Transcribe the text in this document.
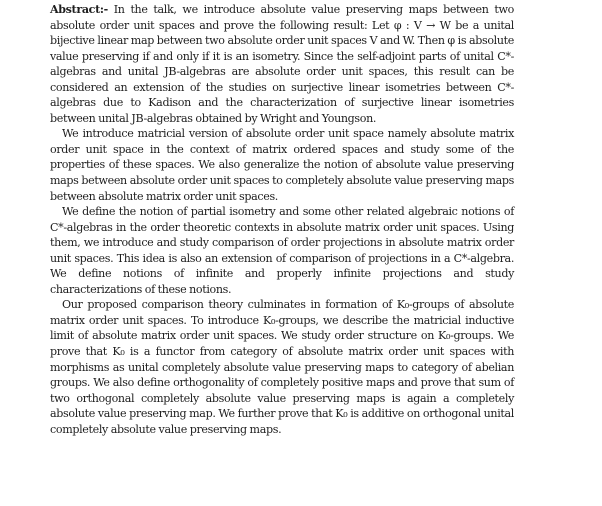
Abstract:- In the talk, we introduce absolute value preserving maps between two absolute order unit spaces and prove the following result: Let φ : V → W be a unital bijective linear map between two absolute order unit spaces V and W. Then φ is absolute value preserving if and only if it is an isometry. Since the self-adjoint parts of unital C*-algebras and unital JB-algebras are absolute order unit spaces, this result can be considered an extension of the studies on surjective linear isometries between C*-algebras due to Kadison and the characterization of surjective linear isometries between unital JB-algebras obtained by Wright and Youngson.

We introduce matricial version of absolute order unit space namely absolute matrix order unit space in the context of matrix ordered spaces and study some of the properties of these spaces. We also generalize the notion of absolute value preserving maps between absolute order unit spaces to completely absolute value preserving maps between absolute matrix order unit spaces.

We define the notion of partial isometry and some other related algebraic notions of C*-algebras in the order theoretic contexts in absolute matrix order unit spaces. Using them, we introduce and study comparison of order projections in absolute matrix order unit spaces. This idea is also an extension of comparison of projections in a C*-algebra. We define notions of infinite and properly infinite projections and study characterizations of these notions.

Our proposed comparison theory culminates in formation of K₀-groups of absolute matrix order unit spaces. To introduce K₀-groups, we describe the matricial inductive limit of absolute matrix order unit spaces. We study order structure on K₀-groups. We prove that K₀ is a functor from category of absolute matrix order unit spaces with morphisms as unital completely absolute value preserving maps to category of abelian groups. We also define orthogonality of completely positive maps and prove that sum of two orthogonal completely absolute value preserving maps is again a completely absolute value preserving map. We further prove that K₀ is additive on orthogonal unital completely absolute value preserving maps.
